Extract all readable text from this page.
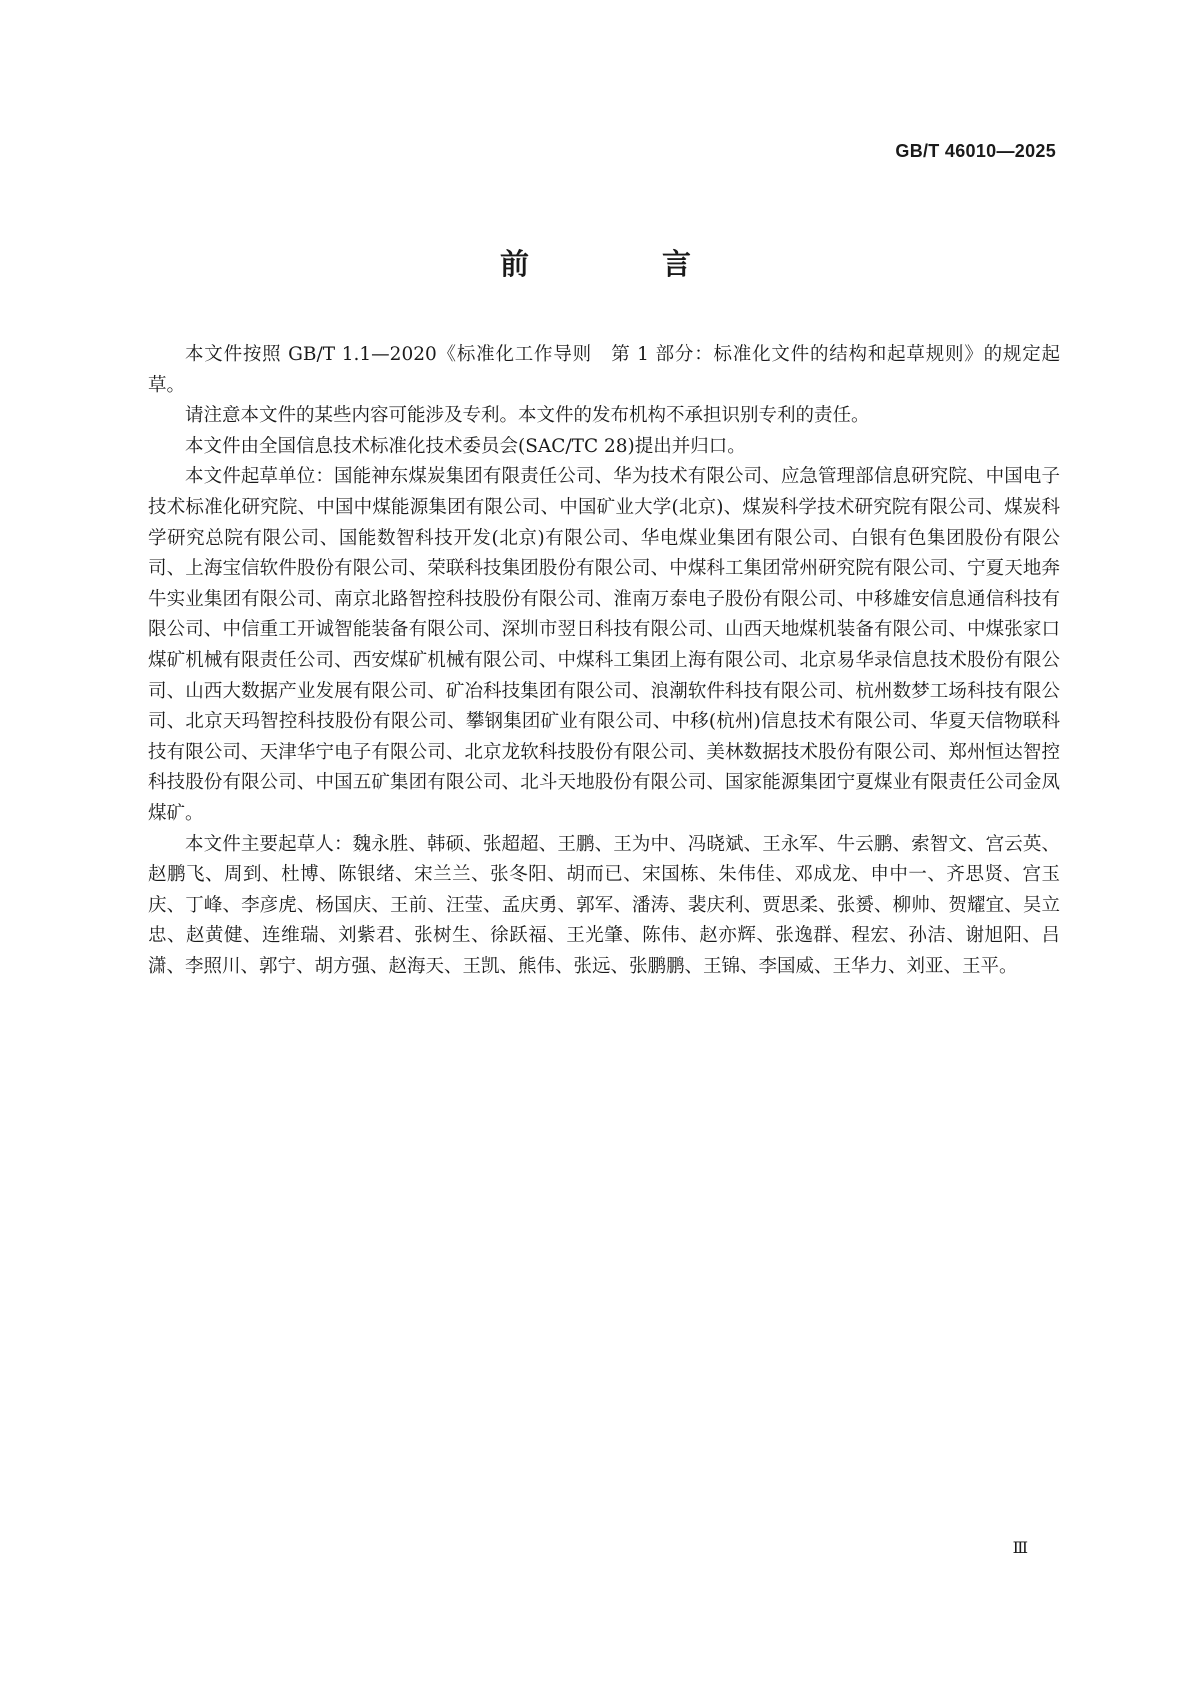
GB/T 46010—2025
前　言

本文件按照 GB/T 1.1—2020《标准化工作导则　第 1 部分：标准化文件的结构和起草规则》的规定起草。

请注意本文件的某些内容可能涉及专利。本文件的发布机构不承担识别专利的责任。

本文件由全国信息技术标准化技术委员会(SAC/TC 28)提出并归口。

本文件起草单位：国能神东煤炭集团有限责任公司、华为技术有限公司、应急管理部信息研究院、中国电子技术标准化研究院、中国中煤能源集团有限公司、中国矿业大学(北京)、煤炭科学技术研究院有限公司、煤炭科学研究总院有限公司、国能数智科技开发(北京)有限公司、华电煤业集团有限公司、白银有色集团股份有限公司、上海宝信软件股份有限公司、荣联科技集团股份有限公司、中煤科工集团常州研究院有限公司、宁夏天地奔牛实业集团有限公司、南京北路智控科技股份有限公司、淮南万泰电子股份有限公司、中移雄安信息通信科技有限公司、中信重工开诚智能装备有限公司、深圳市翌日科技有限公司、山西天地煤机装备有限公司、中煤张家口煤矿机械有限责任公司、西安煤矿机械有限公司、中煤科工集团上海有限公司、北京易华录信息技术股份有限公司、山西大数据产业发展有限公司、矿冶科技集团有限公司、浪潮软件科技有限公司、杭州数梦工场科技有限公司、北京天玛智控科技股份有限公司、攀钢集团矿业有限公司、中移(杭州)信息技术有限公司、华夏天信物联科技有限公司、天津华宁电子有限公司、北京龙软科技股份有限公司、美林数据技术股份有限公司、郑州恒达智控科技股份有限公司、中国五矿集团有限公司、北斗天地股份有限公司、国家能源集团宁夏煤业有限责任公司金凤煤矿。

本文件主要起草人：魏永胜、韩硕、张超超、王鹏、王为中、冯晓斌、王永军、牛云鹏、索智文、宫云英、赵鹏飞、周到、杜博、陈银绪、宋兰兰、张冬阳、胡而已、宋国栋、朱伟佳、邓成龙、申中一、齐思贤、宫玉庆、丁峰、李彦虎、杨国庆、王前、汪莹、孟庆勇、郭军、潘涛、裴庆利、贾思柔、张赟、柳帅、贺耀宜、吴立忠、赵黄健、连维瑞、刘紫君、张树生、徐跃福、王光肇、陈伟、赵亦辉、张逸群、程宏、孙洁、谢旭阳、吕潇、李照川、郭宁、胡方强、赵海天、王凯、熊伟、张远、张鹏鹏、王锦、李国威、王华力、刘亚、王平。

Ⅲ
